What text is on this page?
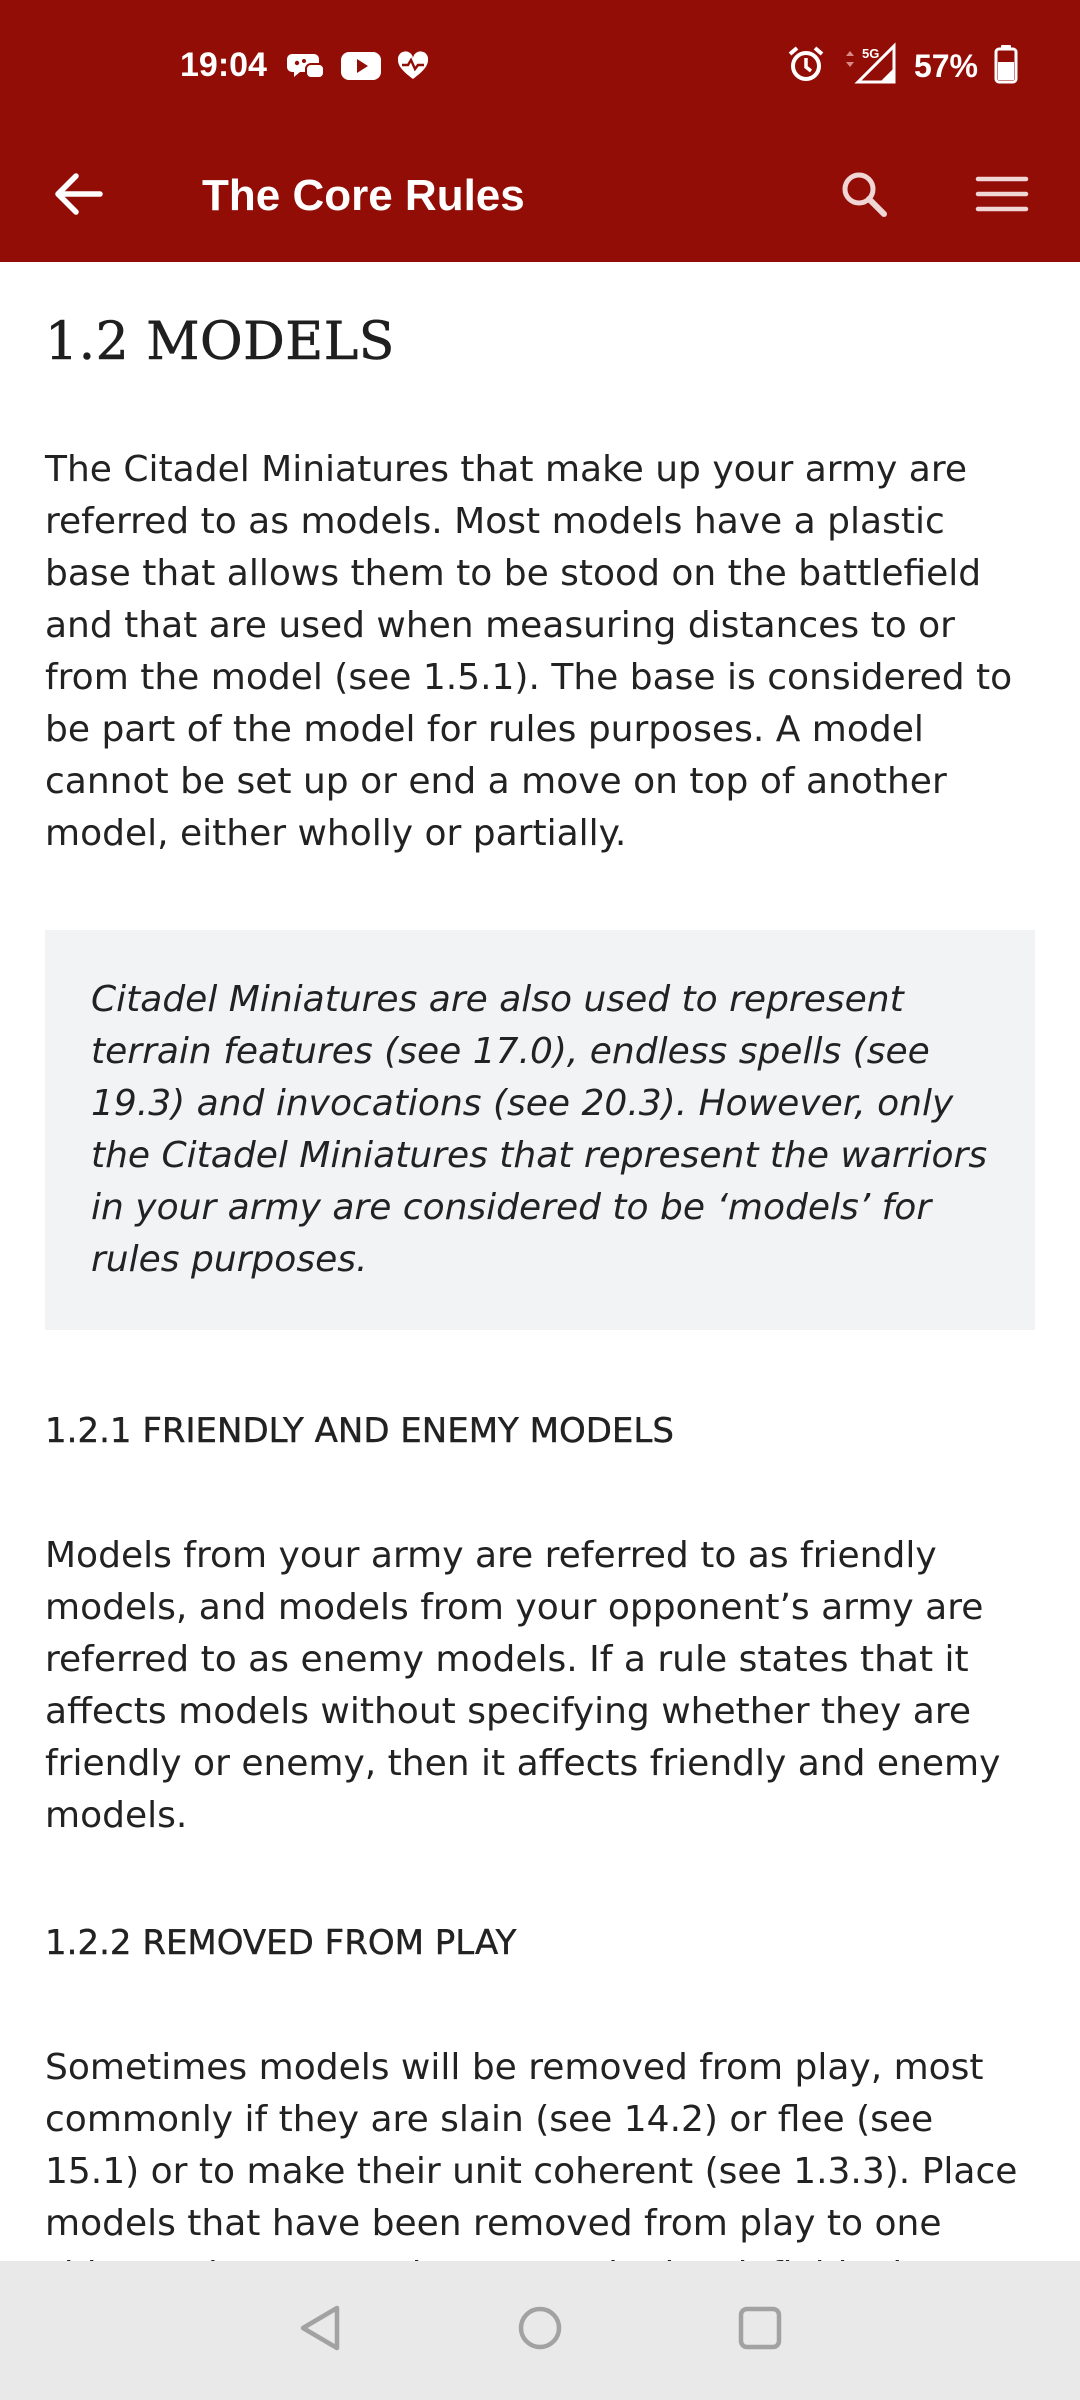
19:04	5G 57%
The Core Rules
1.2 MODELS

The Citadel Miniatures that make up your army are referred to as models. Most models have a plastic base that allows them to be stood on the battlefield and that are used when measuring distances to or from the model (see 1.5.1). The base is considered to be part of the model for rules purposes. A model cannot be set up or end a move on top of another model, either wholly or partially.

Citadel Miniatures are also used to represent terrain features (see 17.0), endless spells (see 19.3) and invocations (see 20.3). However, only the Citadel Miniatures that represent the warriors in your army are considered to be ‘models’ for rules purposes.

1.2.1 FRIENDLY AND ENEMY MODELS

Models from your army are referred to as friendly models, and models from your opponent’s army are referred to as enemy models. If a rule states that it affects models without specifying whether they are friendly or enemy, then it affects friendly and enemy models.

1.2.2 REMOVED FROM PLAY

Sometimes models will be removed from play, most commonly if they are slain (see 14.2) or flee (see 15.1) or to make their unit coherent (see 1.3.3). Place models that have been removed from play to one
